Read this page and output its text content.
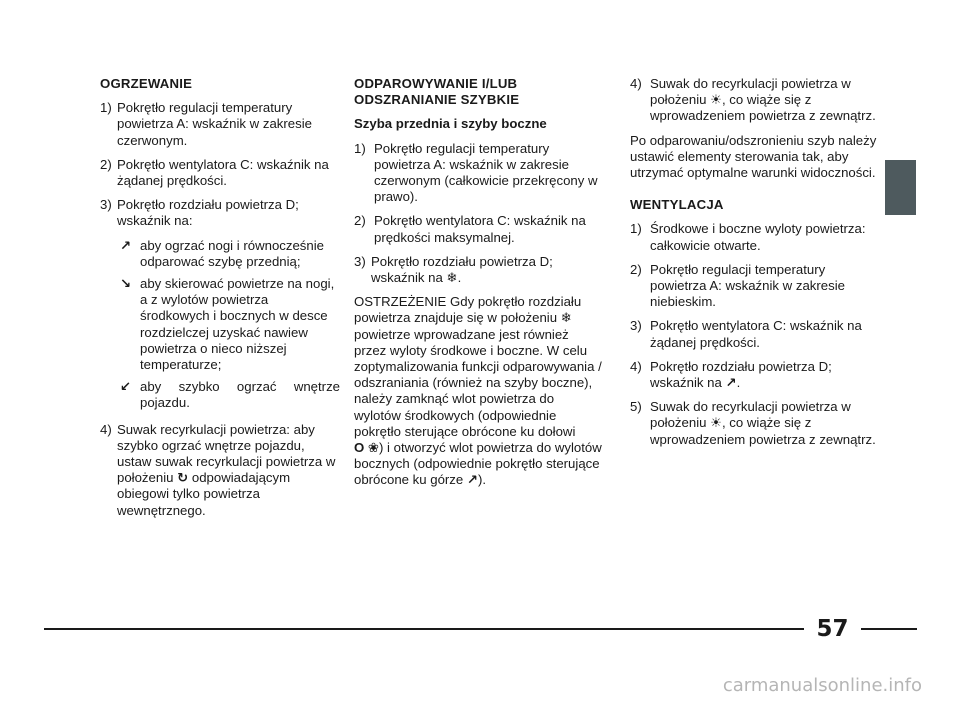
OGRZEWANIE
1) Pokrętło regulacji temperatury powietrza A: wskaźnik w zakresie czerwonym.
2) Pokrętło wentylatora C: wskaźnik na żądanej prędkości.
3) Pokrętło rozdziału powietrza D; wskaźnik na:
↗ aby ogrzać nogi i równocześnie odparować szybę przednią;
↘ aby skierować powietrze na nogi, a z wylotów powietrza środkowych i bocznych w desce rozdzielczej uzyskać nawiew powietrza o nieco niższej temperaturze;
↙ aby szybko ogrzać wnętrze pojazdu.
4) Suwak recyrkulacji powietrza: aby szybko ogrzać wnętrze pojazdu, ustaw suwak recyrkulacji powietrza w położeniu ↻ odpowiadającym obiegowi tylko powietrza wewnętrznego.
ODPAROWYWANIE I/LUB
ODSZRANIANIE SZYBKIE
Szyba przednia i szyby boczne
1) Pokrętło regulacji temperatury powietrza A: wskaźnik w zakresie czerwonym (całkowicie przekręcony w prawo).
2) Pokrętło wentylatora C: wskaźnik na prędkości maksymalnej.
3) Pokrętło rozdziału powietrza D; wskaźnik na ❄.

OSTRZEŻENIE Gdy pokrętło rozdziału powietrza znajduje się w położeniu ❄ powietrze wprowadzane jest również przez wyloty środkowe i boczne. W celu zoptymalizowania funkcji odparowywania / odszraniania (również na szyby boczne), należy zamknąć wlot powietrza do wylotów środkowych (odpowiednie pokrętło sterujące obrócone ku dołowi
O ❀) i otworzyć wlot powietrza do wylotów bocznych (odpowiednie pokrętło sterujące obrócone ku górze ↗).

4) Suwak do recyrkulacji powietrza w położeniu ☀, co wiąże się z wprowadzeniem powietrza z zewnątrz.

Po odparowaniu/odszronieniu szyb należy ustawić elementy sterowania tak, aby utrzymać optymalne warunki widoczności.

WENTYLACJA
1) Środkowe i boczne wyloty powietrza: całkowicie otwarte.
2) Pokrętło regulacji temperatury powietrza A: wskaźnik w zakresie niebieskim.
3) Pokrętło wentylatora C: wskaźnik na żądanej prędkości.
4) Pokrętło rozdziału powietrza D; wskaźnik na ↗.
5) Suwak do recyrkulacji powietrza w położeniu ☀, co wiąże się z wprowadzeniem powietrza z zewnątrz.
57
carmanualsonline.info
